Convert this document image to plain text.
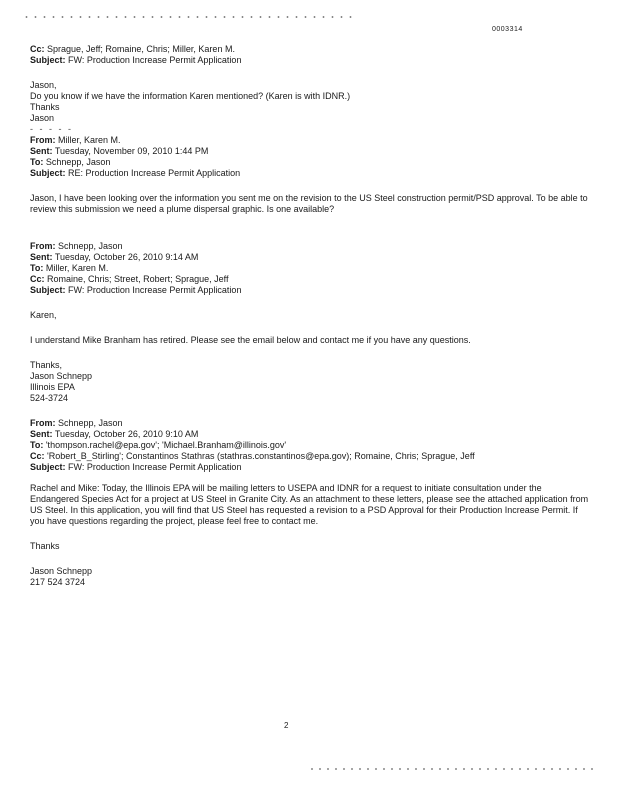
0003314
Cc: Sprague, Jeff; Romaine, Chris; Miller, Karen M.
Subject: FW: Production Increase Permit Application
Jason,
Do you know if we have the information Karen mentioned? (Karen is with IDNR.)
Thanks
Jason
- - - - -
From: Miller, Karen M.
Sent: Tuesday, November 09, 2010 1:44 PM
To: Schnepp, Jason
Subject: RE: Production Increase Permit Application
Jason, I have been looking over the information you sent me on the revision to the US Steel construction permit/PSD approval. To be able to review this submission we need a plume dispersal graphic. Is one available?
From: Schnepp, Jason
Sent: Tuesday, October 26, 2010 9:14 AM
To: Miller, Karen M.
Cc: Romaine, Chris; Street, Robert; Sprague, Jeff
Subject: FW: Production Increase Permit Application
Karen,
I understand Mike Branham has retired. Please see the email below and contact me if you have any questions.
Thanks,
Jason Schnepp
Illinois EPA
524-3724
From: Schnepp, Jason
Sent: Tuesday, October 26, 2010 9:10 AM
To: 'thompson.rachel@epa.gov'; 'Michael.Branham@illinois.gov'
Cc: 'Robert_B_Stirling'; Constantinos Stathras (stathras.constantinos@epa.gov); Romaine, Chris; Sprague, Jeff
Subject: FW: Production Increase Permit Application
Rachel and Mike: Today, the Illinois EPA will be mailing letters to USEPA and IDNR for a request to initiate consultation under the Endangered Species Act for a project at US Steel in Granite City. As an attachment to these letters, please see the attached application from US Steel. In this application, you will find that US Steel has requested a revision to a PSD Approval for their Production Increase Permit. If you have questions regarding the project, please feel free to contact me.
Thanks
Jason Schnepp
217 524 3724
2
